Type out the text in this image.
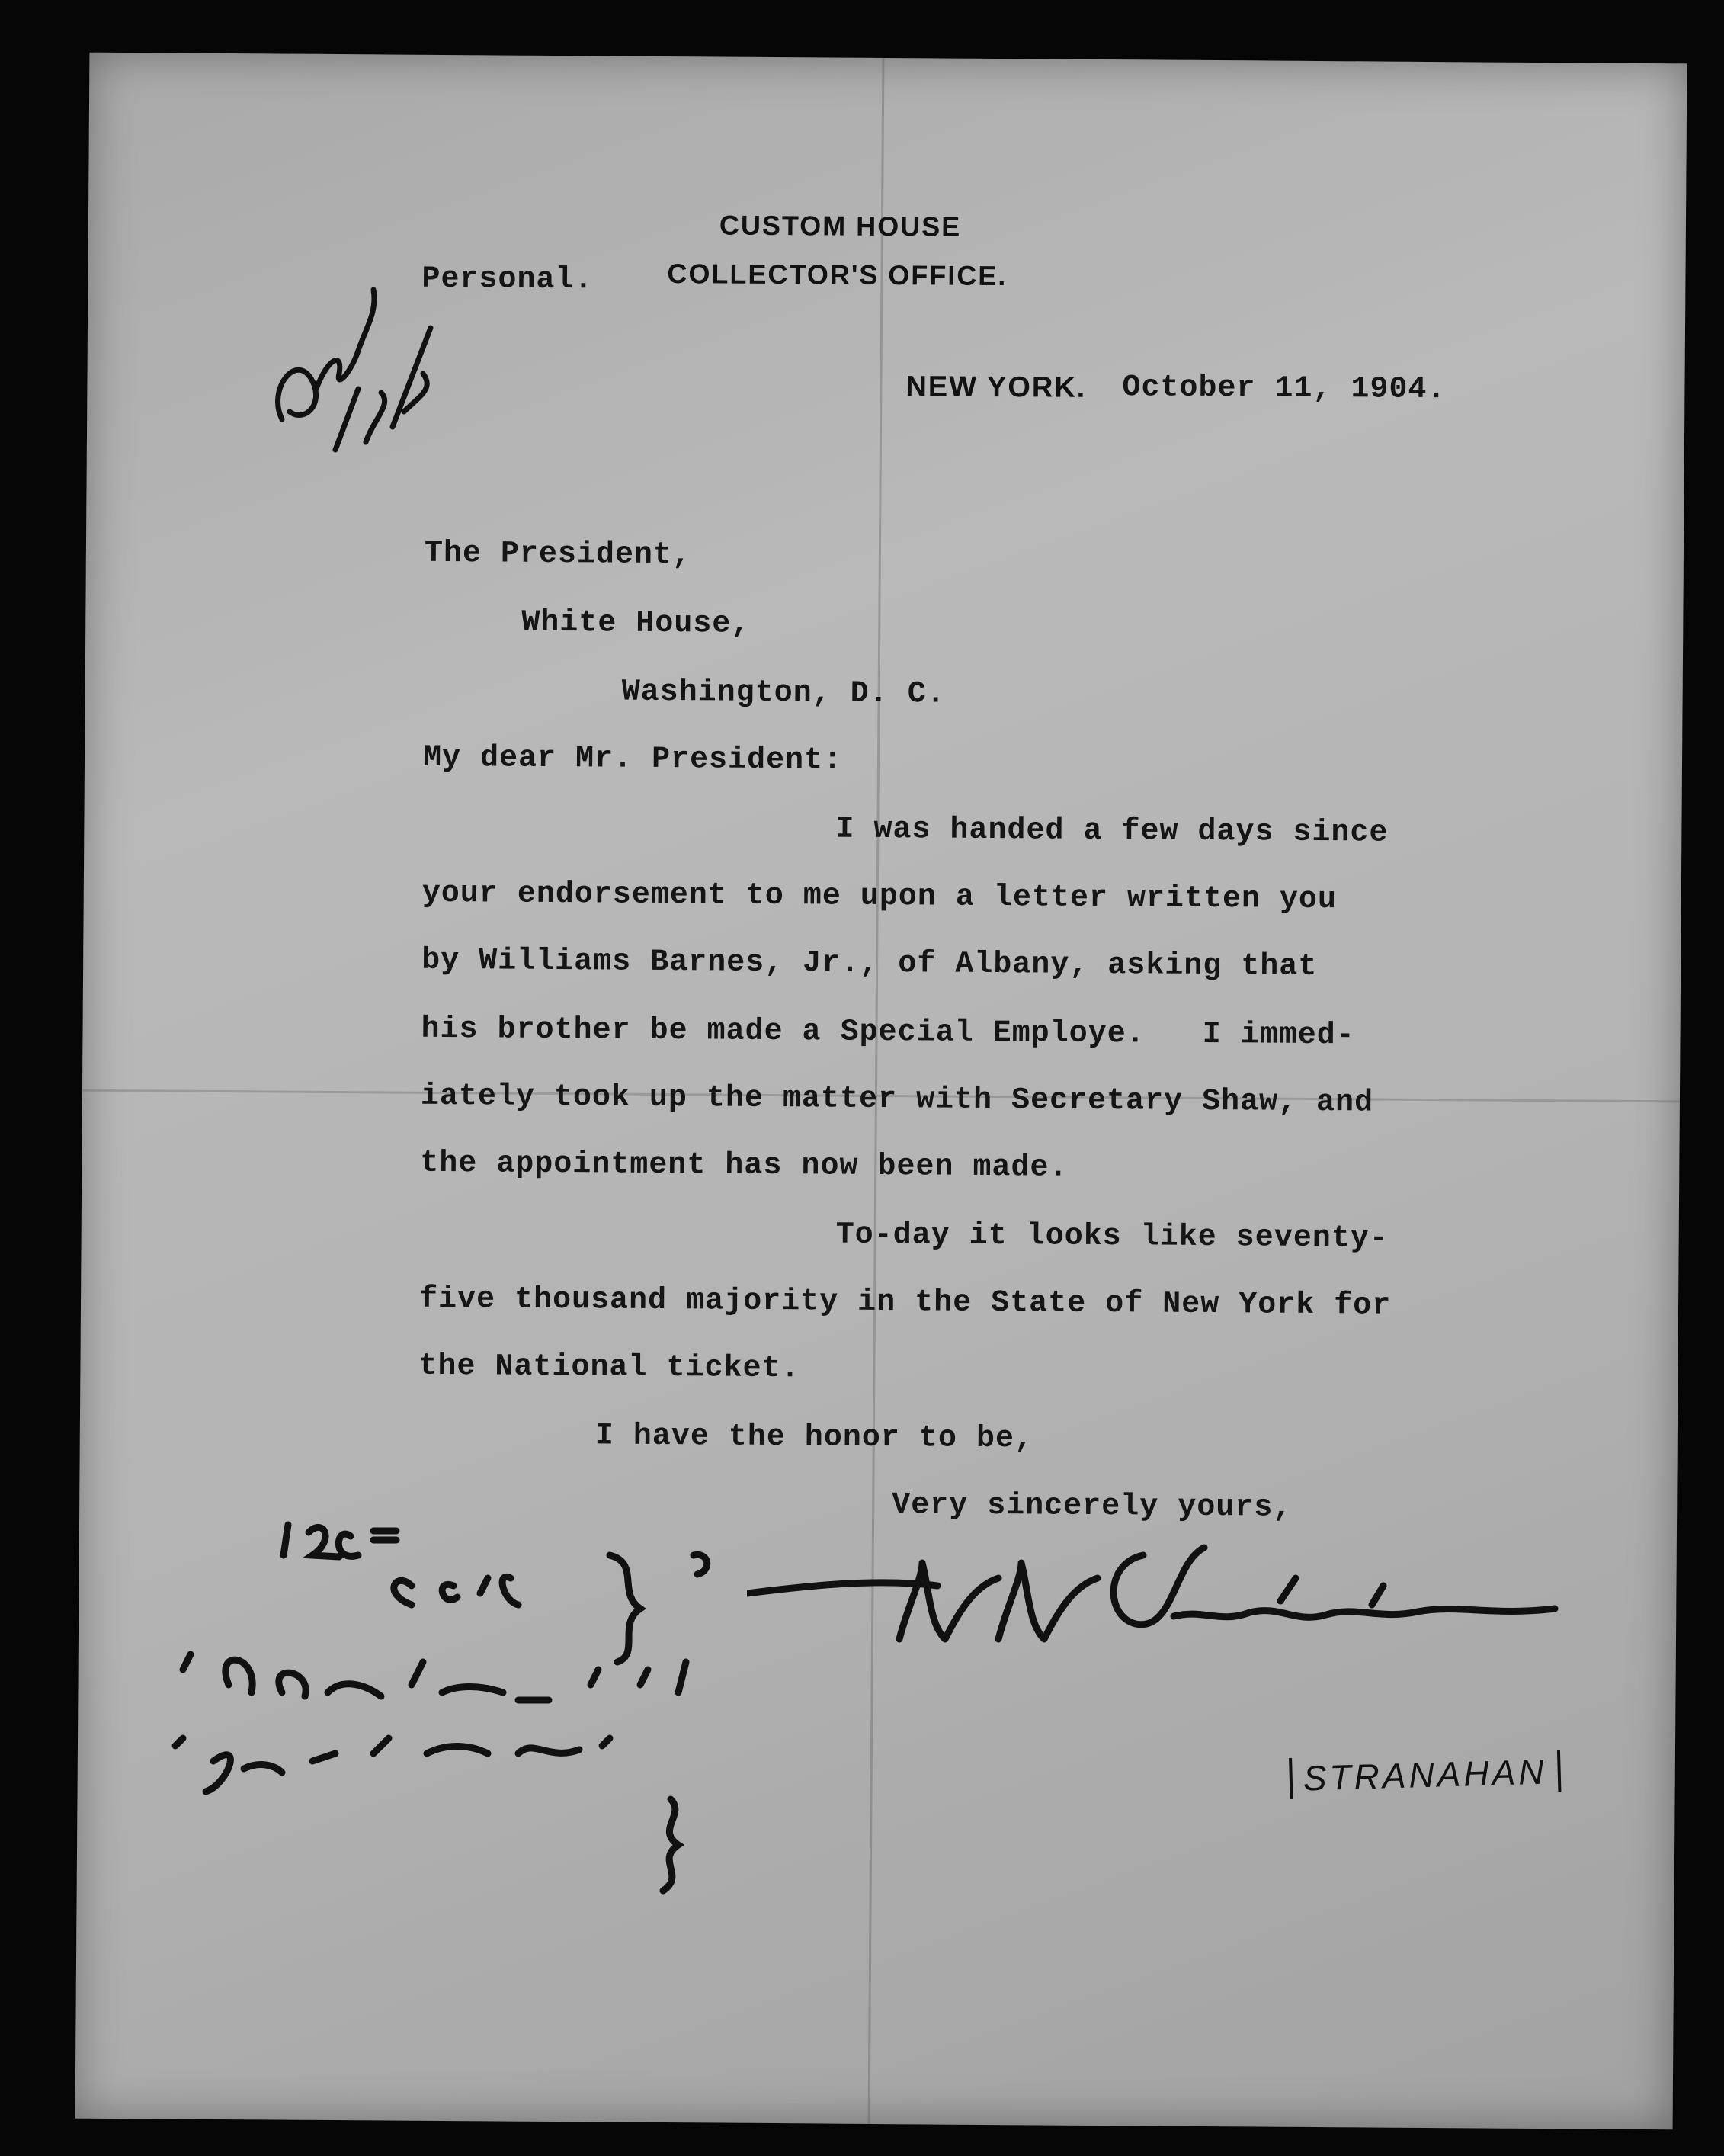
CUSTOM HOUSE
COLLECTOR'S OFFICE.
Personal.
NEW YORK. October 11, 1904.
The President,
White House,
Washington, D. C.
My dear Mr. President:
I was handed a few days since
your endorsement to me upon a letter written you
by Williams Barnes, Jr., of Albany, asking that
his brother be made a Special Employe.   I immed-
iately took up the matter with Secretary Shaw, and
the appointment has now been made.
To-day it looks like seventy-
five thousand majority in the State of New York for
the National ticket.
I have the honor to be,
Very sincerely yours,
STRANAHAN
